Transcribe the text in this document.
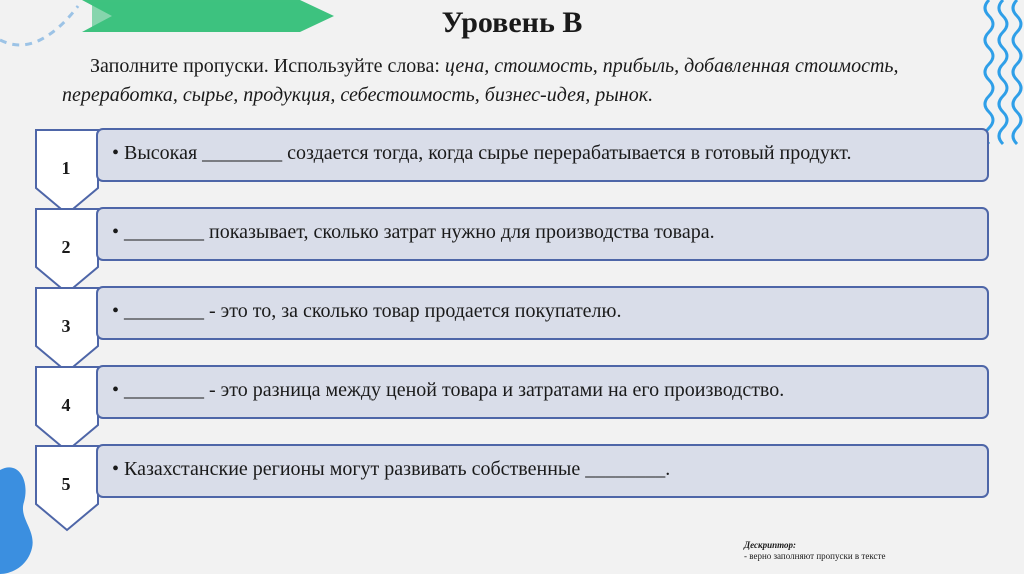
Уровень В
Заполните пропуски. Используйте слова: цена, стоимость, прибыль, добавленная стоимость, переработка, сырье, продукция, себестоимость, бизнес-идея, рынок.
1
• Высокая ________ создается тогда, когда сырье перерабатывается в готовый продукт.
2
• ________ показывает, сколько затрат нужно для производства товара.
3
• ________ - это то, за сколько товар продается покупателю.
4
• ________ - это разница между ценой товара и затратами на его производство.
5
• Казахстанские регионы могут развивать собственные ________.
Дескриптор:
- верно заполняют пропуски в тексте
